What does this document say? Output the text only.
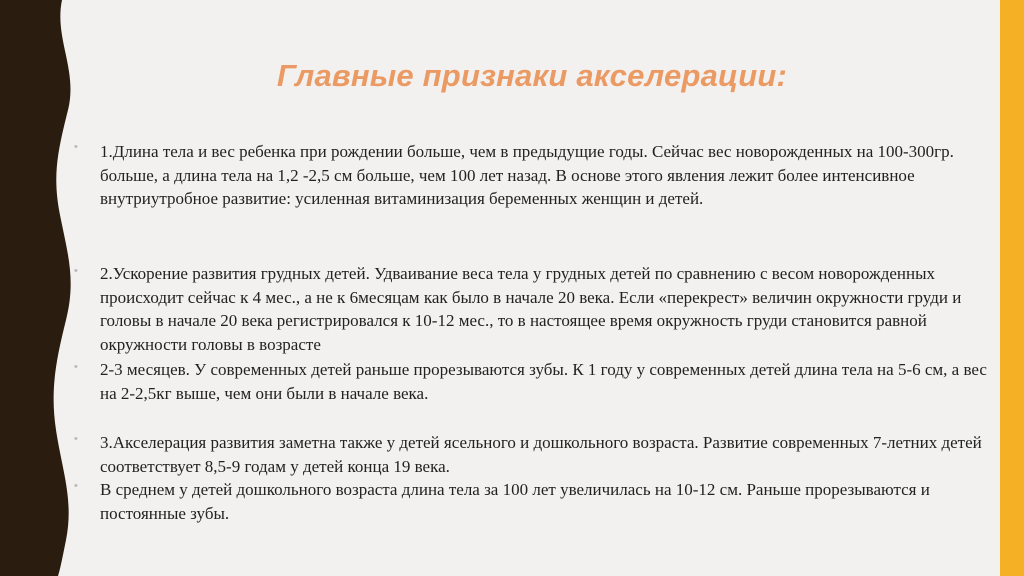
Главные признаки акселерации:
• 1.Длина тела и вес ребенка при рождении больше, чем в предыдущие годы. Сейчас вес новорожденных на 100-300гр. больше, а длина тела на 1,2 -2,5 см больше, чем 100 лет назад. В основе этого явления лежит более интенсивное внутриутробное развитие: усиленная витаминизация беременных женщин и детей.
• 2.Ускорение развития грудных детей. Удваивание веса тела у грудных детей по сравнению с весом новорожденных происходит сейчас к 4 мес., а не к 6месяцам как было в начале 20 века. Если «перекрест» величин окружности груди и головы в начале 20 века регистрировался к 10-12 мес., то в настоящее время окружность груди становится равной окружности головы в возрасте
• 2-3 месяцев. У современных детей раньше прорезываются зубы. К 1 году у современных детей длина тела на 5-6 см, а вес на 2-2,5кг выше, чем они были в начале века.
• 3.Акселерация развития заметна также у детей ясельного и дошкольного возраста. Развитие современных 7-летних детей соответствует 8,5-9 годам у детей конца 19 века.
• В среднем у детей дошкольного возраста длина тела за 100 лет увеличилась на 10-12 см. Раньше прорезываются и постоянные зубы.
